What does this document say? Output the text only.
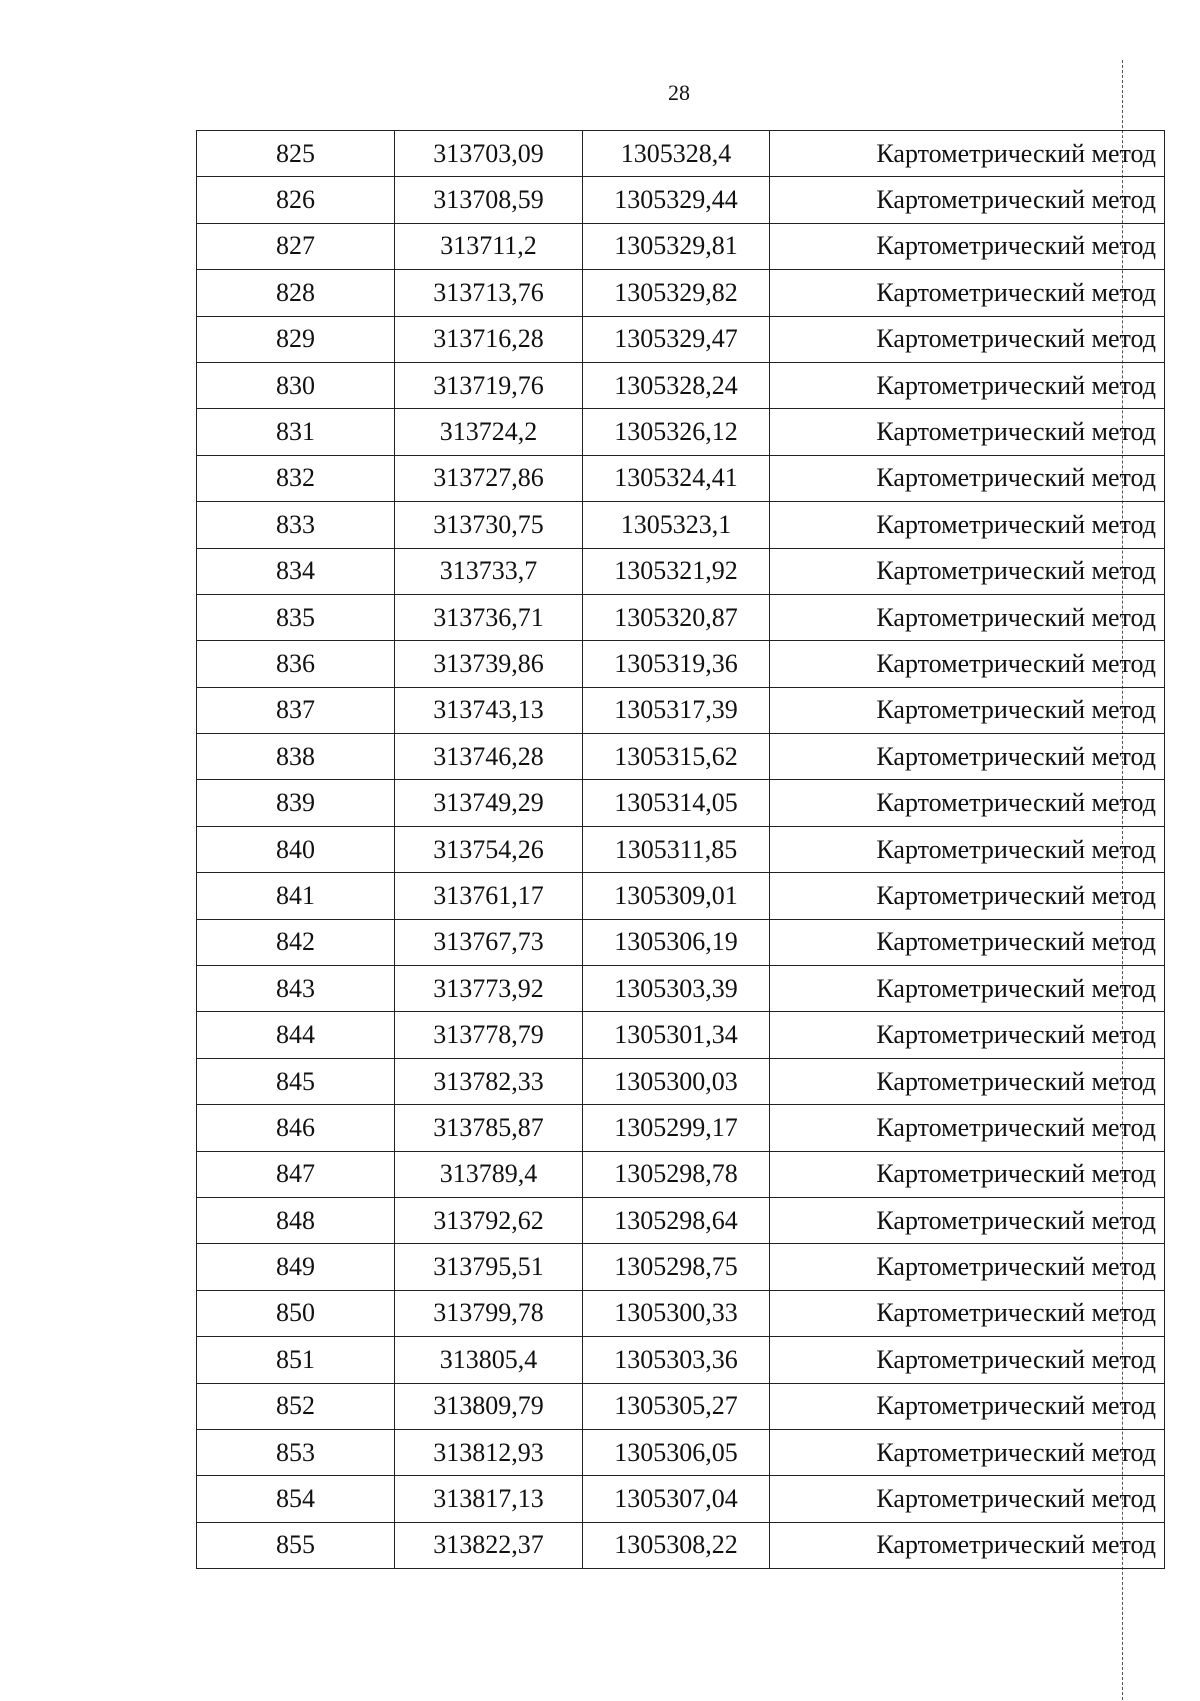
28
825	313703,09	1305328,4	Картометрический метод
826	313708,59	1305329,44	Картометрический метод
827	313711,2	1305329,81	Картометрический метод
828	313713,76	1305329,82	Картометрический метод
829	313716,28	1305329,47	Картометрический метод
830	313719,76	1305328,24	Картометрический метод
831	313724,2	1305326,12	Картометрический метод
832	313727,86	1305324,41	Картометрический метод
833	313730,75	1305323,1	Картометрический метод
834	313733,7	1305321,92	Картометрический метод
835	313736,71	1305320,87	Картометрический метод
836	313739,86	1305319,36	Картометрический метод
837	313743,13	1305317,39	Картометрический метод
838	313746,28	1305315,62	Картометрический метод
839	313749,29	1305314,05	Картометрический метод
840	313754,26	1305311,85	Картометрический метод
841	313761,17	1305309,01	Картометрический метод
842	313767,73	1305306,19	Картометрический метод
843	313773,92	1305303,39	Картометрический метод
844	313778,79	1305301,34	Картометрический метод
845	313782,33	1305300,03	Картометрический метод
846	313785,87	1305299,17	Картометрический метод
847	313789,4	1305298,78	Картометрический метод
848	313792,62	1305298,64	Картометрический метод
849	313795,51	1305298,75	Картометрический метод
850	313799,78	1305300,33	Картометрический метод
851	313805,4	1305303,36	Картометрический метод
852	313809,79	1305305,27	Картометрический метод
853	313812,93	1305306,05	Картометрический метод
854	313817,13	1305307,04	Картометрический метод
855	313822,37	1305308,22	Картометрический метод
